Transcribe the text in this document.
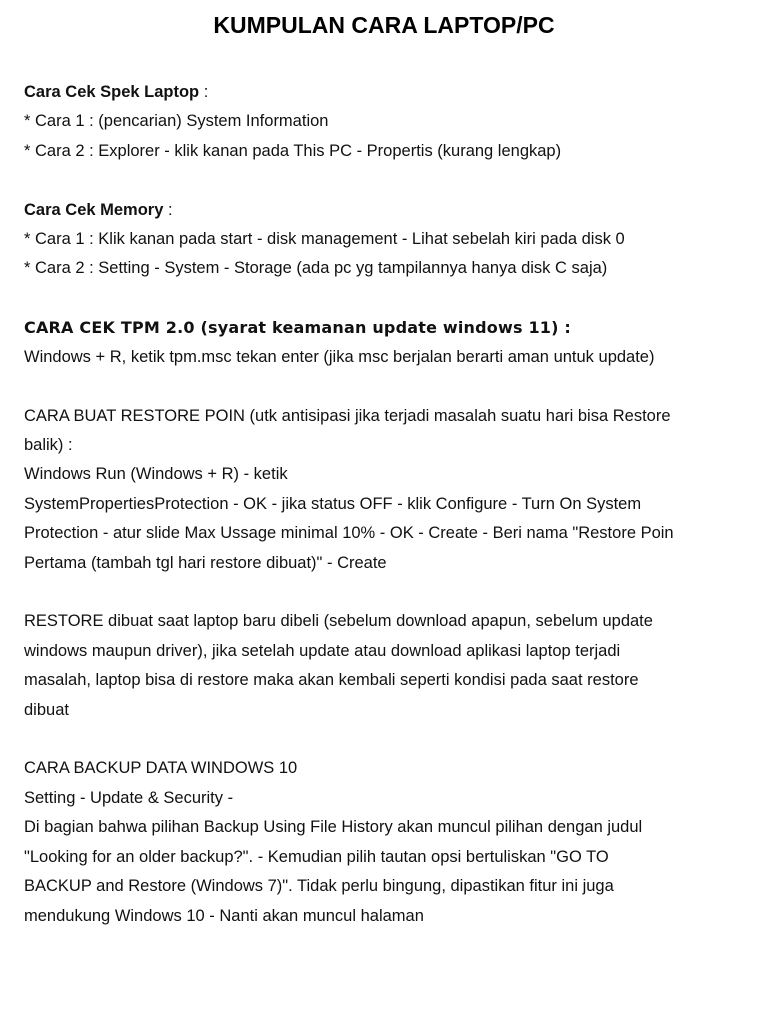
KUMPULAN CARA LAPTOP/PC

Cara Cek Spek Laptop :

* Cara 1 : (pencarian) System Information

* Cara 2 : Explorer - klik kanan pada This PC - Propertis (kurang lengkap)

Cara Cek Memory :

* Cara 1 : Klik kanan pada start - disk management - Lihat sebelah kiri pada disk 0

* Cara 2 : Setting - System - Storage (ada pc yg tampilannya hanya disk C saja)

CARA CEK TPM 2.0 (syarat keamanan update windows 11) :

Windows + R, ketik tpm.msc tekan enter (jika msc berjalan berarti aman untuk update)

CARA BUAT RESTORE POIN (utk antisipasi jika terjadi masalah suatu hari bisa Restore

balik) :

Windows Run (Windows + R) - ketik

SystemPropertiesProtection - OK - jika status OFF - klik Configure - Turn On System

Protection - atur slide Max Ussage minimal 10% - OK - Create - Beri nama "Restore Poin

Pertama (tambah tgl hari restore dibuat)" - Create

RESTORE dibuat saat laptop baru dibeli (sebelum download apapun, sebelum update

windows maupun driver), jika setelah update atau download aplikasi laptop terjadi

masalah, laptop bisa di restore maka akan kembali seperti kondisi pada saat restore

dibuat

CARA BACKUP DATA WINDOWS 10

Setting - Update & Security -

Di bagian bahwa pilihan Backup Using File History akan muncul pilihan dengan judul

"Looking for an older backup?". - Kemudian pilih tautan opsi bertuliskan "GO TO

BACKUP and Restore (Windows 7)". Tidak perlu bingung, dipastikan fitur ini juga

mendukung Windows 10 - Nanti akan muncul halaman
